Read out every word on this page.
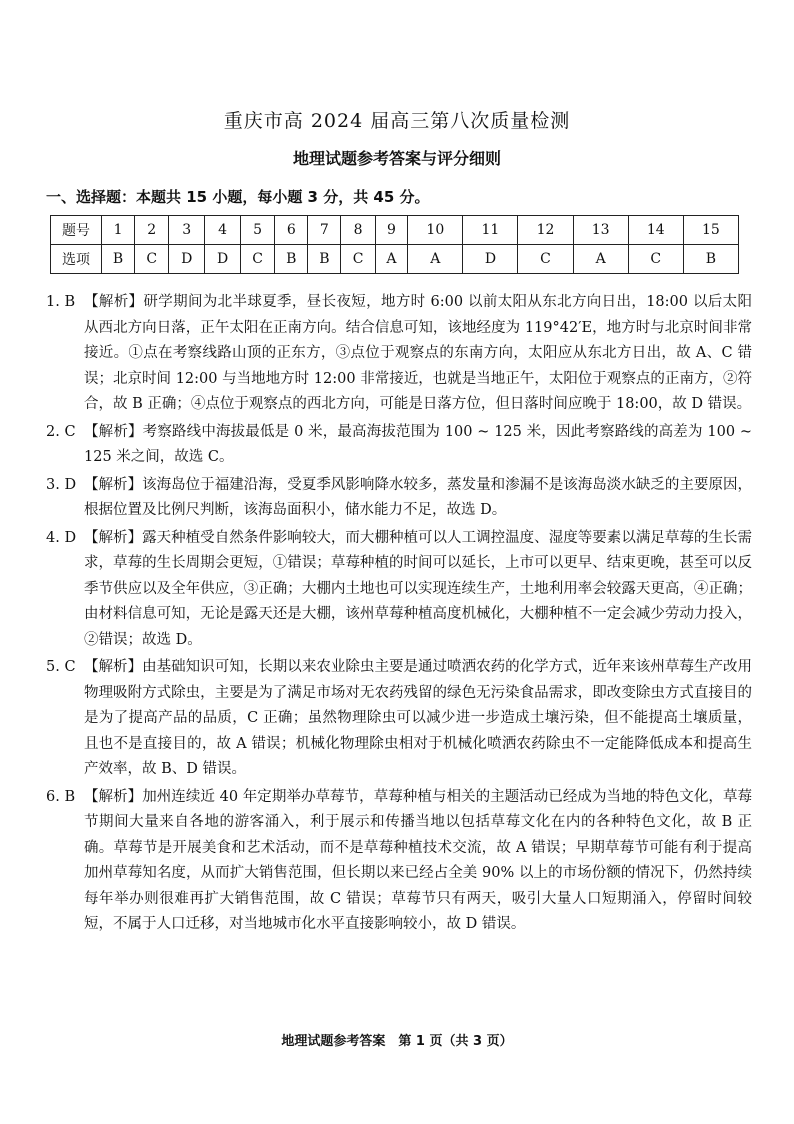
重庆市高 2024 届高三第八次质量检测
地理试题参考答案与评分细则
一、选择题：本题共 15 小题，每小题 3 分，共 45 分。
题号	1	2	3	4	5	6	7	8	9	10	11	12	13	14	15
选项	B	C	D	D	C	B	B	C	A	A	D	C	A	C	B
1. B 【解析】研学期间为北半球夏季，昼长夜短，地方时 6:00 以前太阳从东北方向日出，18:00 以后太阳从西北方向日落，正午太阳在正南方向。结合信息可知，该地经度为 119°42′E，地方时与北京时间非常接近。①点在考察线路山顶的正东方，③点位于观察点的东南方向，太阳应从东北方日出，故 A、C 错误；北京时间 12:00 与当地地方时 12:00 非常接近，也就是当地正午，太阳位于观察点的正南方，②符合，故 B 正确；④点位于观察点的西北方向，可能是日落方位，但日落时间应晚于 18:00，故 D 错误。
2. C 【解析】考察路线中海拔最低是 0 米，最高海拔范围为 100 ~ 125 米，因此考察路线的高差为 100 ~ 125 米之间，故选 C。
3. D 【解析】该海岛位于福建沿海，受夏季风影响降水较多，蒸发量和渗漏不是该海岛淡水缺乏的主要原因，根据位置及比例尺判断，该海岛面积小，储水能力不足，故选 D。
4. D 【解析】露天种植受自然条件影响较大，而大棚种植可以人工调控温度、湿度等要素以满足草莓的生长需求，草莓的生长周期会更短，①错误；草莓种植的时间可以延长，上市可以更早、结束更晚，甚至可以反季节供应以及全年供应，③正确；大棚内土地也可以实现连续生产，土地利用率会较露天更高，④正确；由材料信息可知，无论是露天还是大棚，该州草莓种植高度机械化，大棚种植不一定会减少劳动力投入，②错误；故选 D。
5. C 【解析】由基础知识可知，长期以来农业除虫主要是通过喷洒农药的化学方式，近年来该州草莓生产改用物理吸附方式除虫，主要是为了满足市场对无农药残留的绿色无污染食品需求，即改变除虫方式直接目的是为了提高产品的品质，C 正确；虽然物理除虫可以减少进一步造成土壤污染，但不能提高土壤质量，且也不是直接目的，故 A 错误；机械化物理除虫相对于机械化喷洒农药除虫不一定能降低成本和提高生产效率，故 B、D 错误。
6. B 【解析】加州连续近 40 年定期举办草莓节，草莓种植与相关的主题活动已经成为当地的特色文化，草莓节期间大量来自各地的游客涌入，利于展示和传播当地以包括草莓文化在内的各种特色文化，故 B 正确。草莓节是开展美食和艺术活动，而不是草莓种植技术交流，故 A 错误；早期草莓节可能有利于提高加州草莓知名度，从而扩大销售范围，但长期以来已经占全美 90% 以上的市场份额的情况下，仍然持续每年举办则很难再扩大销售范围，故 C 错误；草莓节只有两天，吸引大量人口短期涌入，停留时间较短，不属于人口迁移，对当地城市化水平直接影响较小，故 D 错误。
地理试题参考答案　第 1 页（共 3 页）
